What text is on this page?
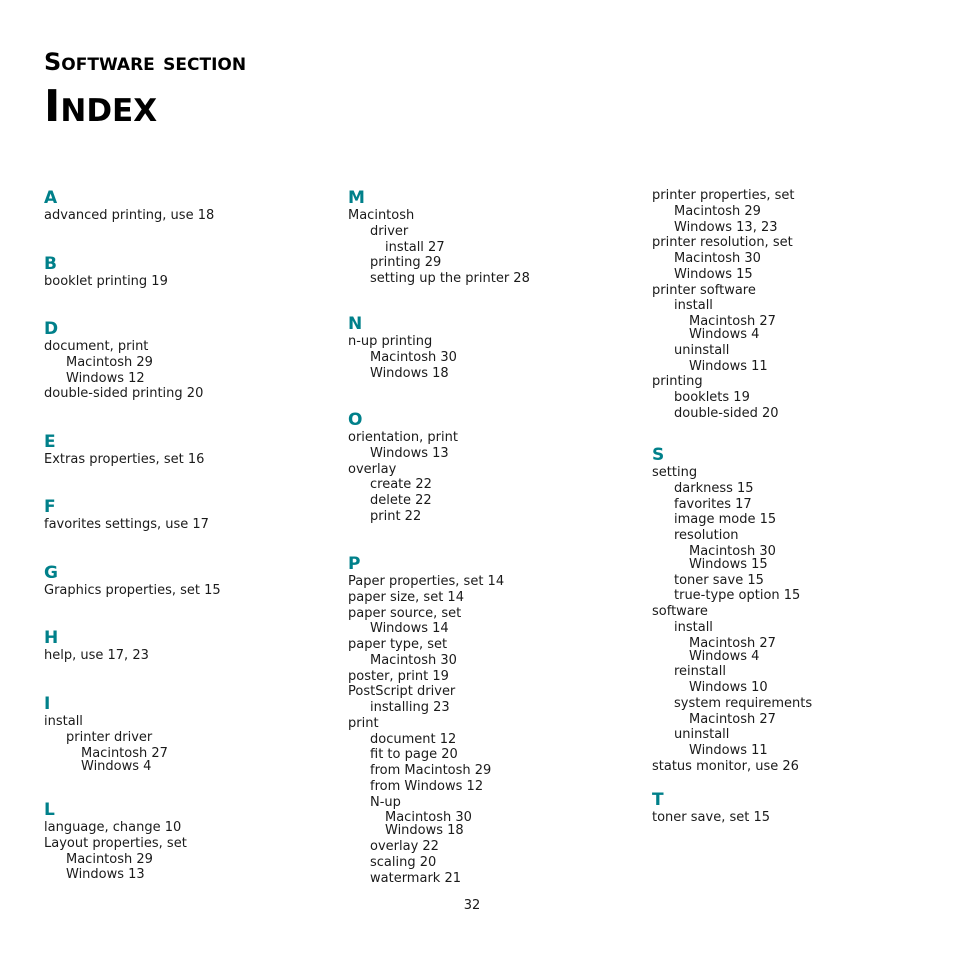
Software section
Index
A
advanced printing, use 18
B
booklet printing 19
D
document, print
Macintosh 29
Windows 12
double-sided printing 20
E
Extras properties, set 16
F
favorites settings, use 17
G
Graphics properties, set 15
H
help, use 17, 23
I
install
printer driver
Macintosh 27
Windows 4
L
language, change 10
Layout properties, set
Macintosh 29
Windows 13
M
Macintosh
driver
install 27
printing 29
setting up the printer 28
N
n-up printing
Macintosh 30
Windows 18
O
orientation, print
Windows 13
overlay
create 22
delete 22
print 22
P
Paper properties, set 14
paper size, set 14
paper source, set
Windows 14
paper type, set
Macintosh 30
poster, print 19
PostScript driver
installing 23
print
document 12
fit to page 20
from Macintosh 29
from Windows 12
N-up
Macintosh 30
Windows 18
overlay 22
scaling 20
watermark 21
printer properties, set
Macintosh 29
Windows 13, 23
printer resolution, set
Macintosh 30
Windows 15
printer software
install
Macintosh 27
Windows 4
uninstall
Windows 11
printing
booklets 19
double-sided 20
S
setting
darkness 15
favorites 17
image mode 15
resolution
Macintosh 30
Windows 15
toner save 15
true-type option 15
software
install
Macintosh 27
Windows 4
reinstall
Windows 10
system requirements
Macintosh 27
uninstall
Windows 11
status monitor, use 26
T
toner save, set 15
32
